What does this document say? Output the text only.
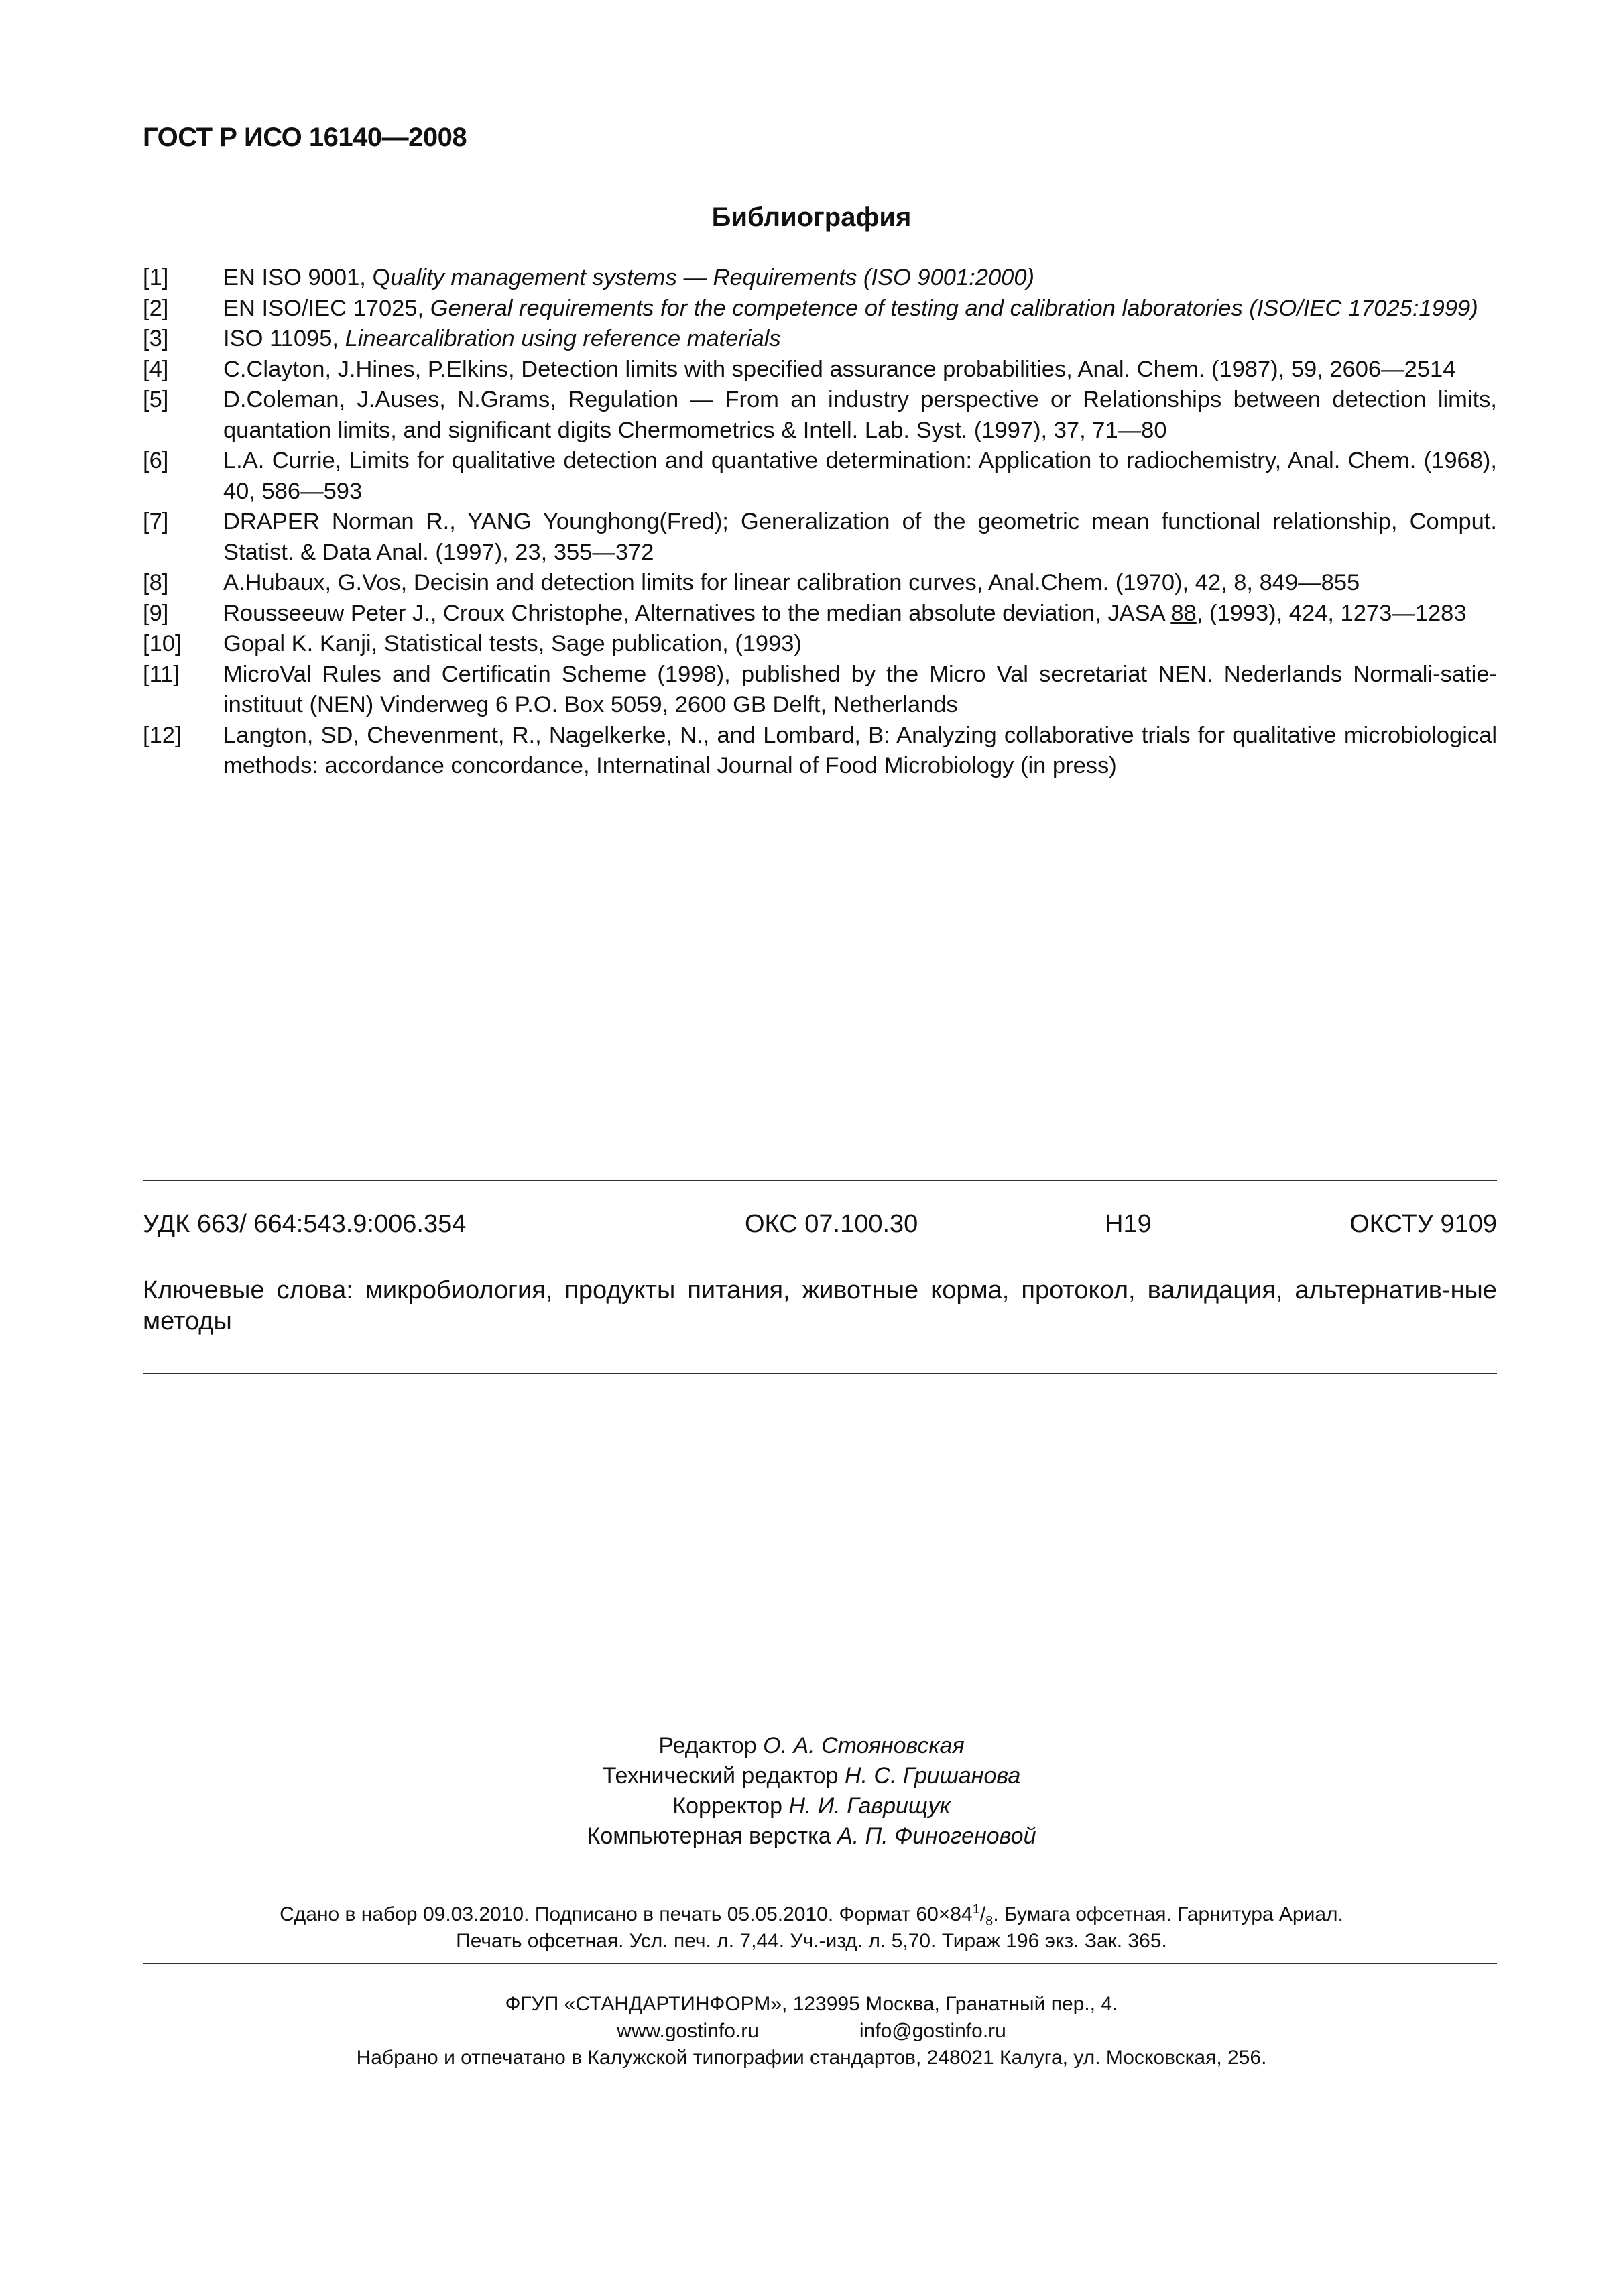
ГОСТ Р ИСО 16140—2008
Библиография
[1]	EN ISO 9001, Quality management systems — Requirements (ISO 9001:2000)
[2]	EN ISO/IEC 17025, General requirements for the competence of testing and calibration laboratories (ISO/IEC 17025:1999)
[3]	ISO 11095, Linearcalibration using reference materials
[4]	C.Clayton, J.Hines, P.Elkins, Detection limits with specified assurance probabilities, Anal. Chem. (1987), 59, 2606—2514
[5]	D.Coleman, J.Auses, N.Grams, Regulation — From an industry perspective or Relationships between detection limits, quantation limits, and significant digits Chermometrics & Intell. Lab. Syst. (1997), 37, 71—80
[6]	L.A. Currie, Limits for qualitative detection and quantative determination: Application to radiochemistry, Anal. Chem. (1968), 40, 586—593
[7]	DRAPER Norman R., YANG Younghong(Fred); Generalization of the geometric mean functional relationship, Comput. Statist. & Data Anal. (1997), 23, 355—372
[8]	A.Hubaux, G.Vos, Decisin and detection limits for linear calibration curves, Anal.Chem. (1970), 42, 8, 849—855
[9]	Rousseeuw Peter J., Croux Christophe, Alternatives to the median absolute deviation, JASA 88, (1993), 424, 1273—1283
[10]	Gopal K. Kanji, Statistical tests, Sage publication, (1993)
[11]	MicroVal Rules and Certificatin Scheme (1998), published by the Micro Val secretariat NEN. Nederlands Normali-satie-instituut (NEN) Vinderweg 6 P.O. Box 5059, 2600 GB Delft, Netherlands
[12]	Langton, SD, Chevenment, R., Nagelkerke, N., and Lombard, B: Analyzing collaborative trials for qualitative microbiological methods: accordance concordance, Internatinal Journal of Food Microbiology (in press)
УДК 663/ 664:543.9:006.354	ОКС 07.100.30	Н19	ОКСТУ 9109
Ключевые слова: микробиология, продукты питания, животные корма, протокол, валидация, альтернатив-ные методы
Редактор О. А. Стояновская
Технический редактор Н. С. Гришанова
Корректор Н. И. Гаврищук
Компьютерная верстка А. П. Финогеновой
Сдано в набор 09.03.2010. Подписано в печать 05.05.2010. Формат $60\times 84^1/_8$. Бумага офсетная. Гарнитура Ариал.
Печать офсетная. Усл. печ. л. 7,44. Уч.-изд. л. 5,70. Тираж 196 экз. Зак. 365.
ФГУП «СТАНДАРТИНФОРМ», 123995 Москва, Гранатный пер., 4.
www.gostinfo.ru	info@gostinfo.ru
Набрано и отпечатано в Калужской типографии стандартов, 248021 Калуга, ул. Московская, 256.
